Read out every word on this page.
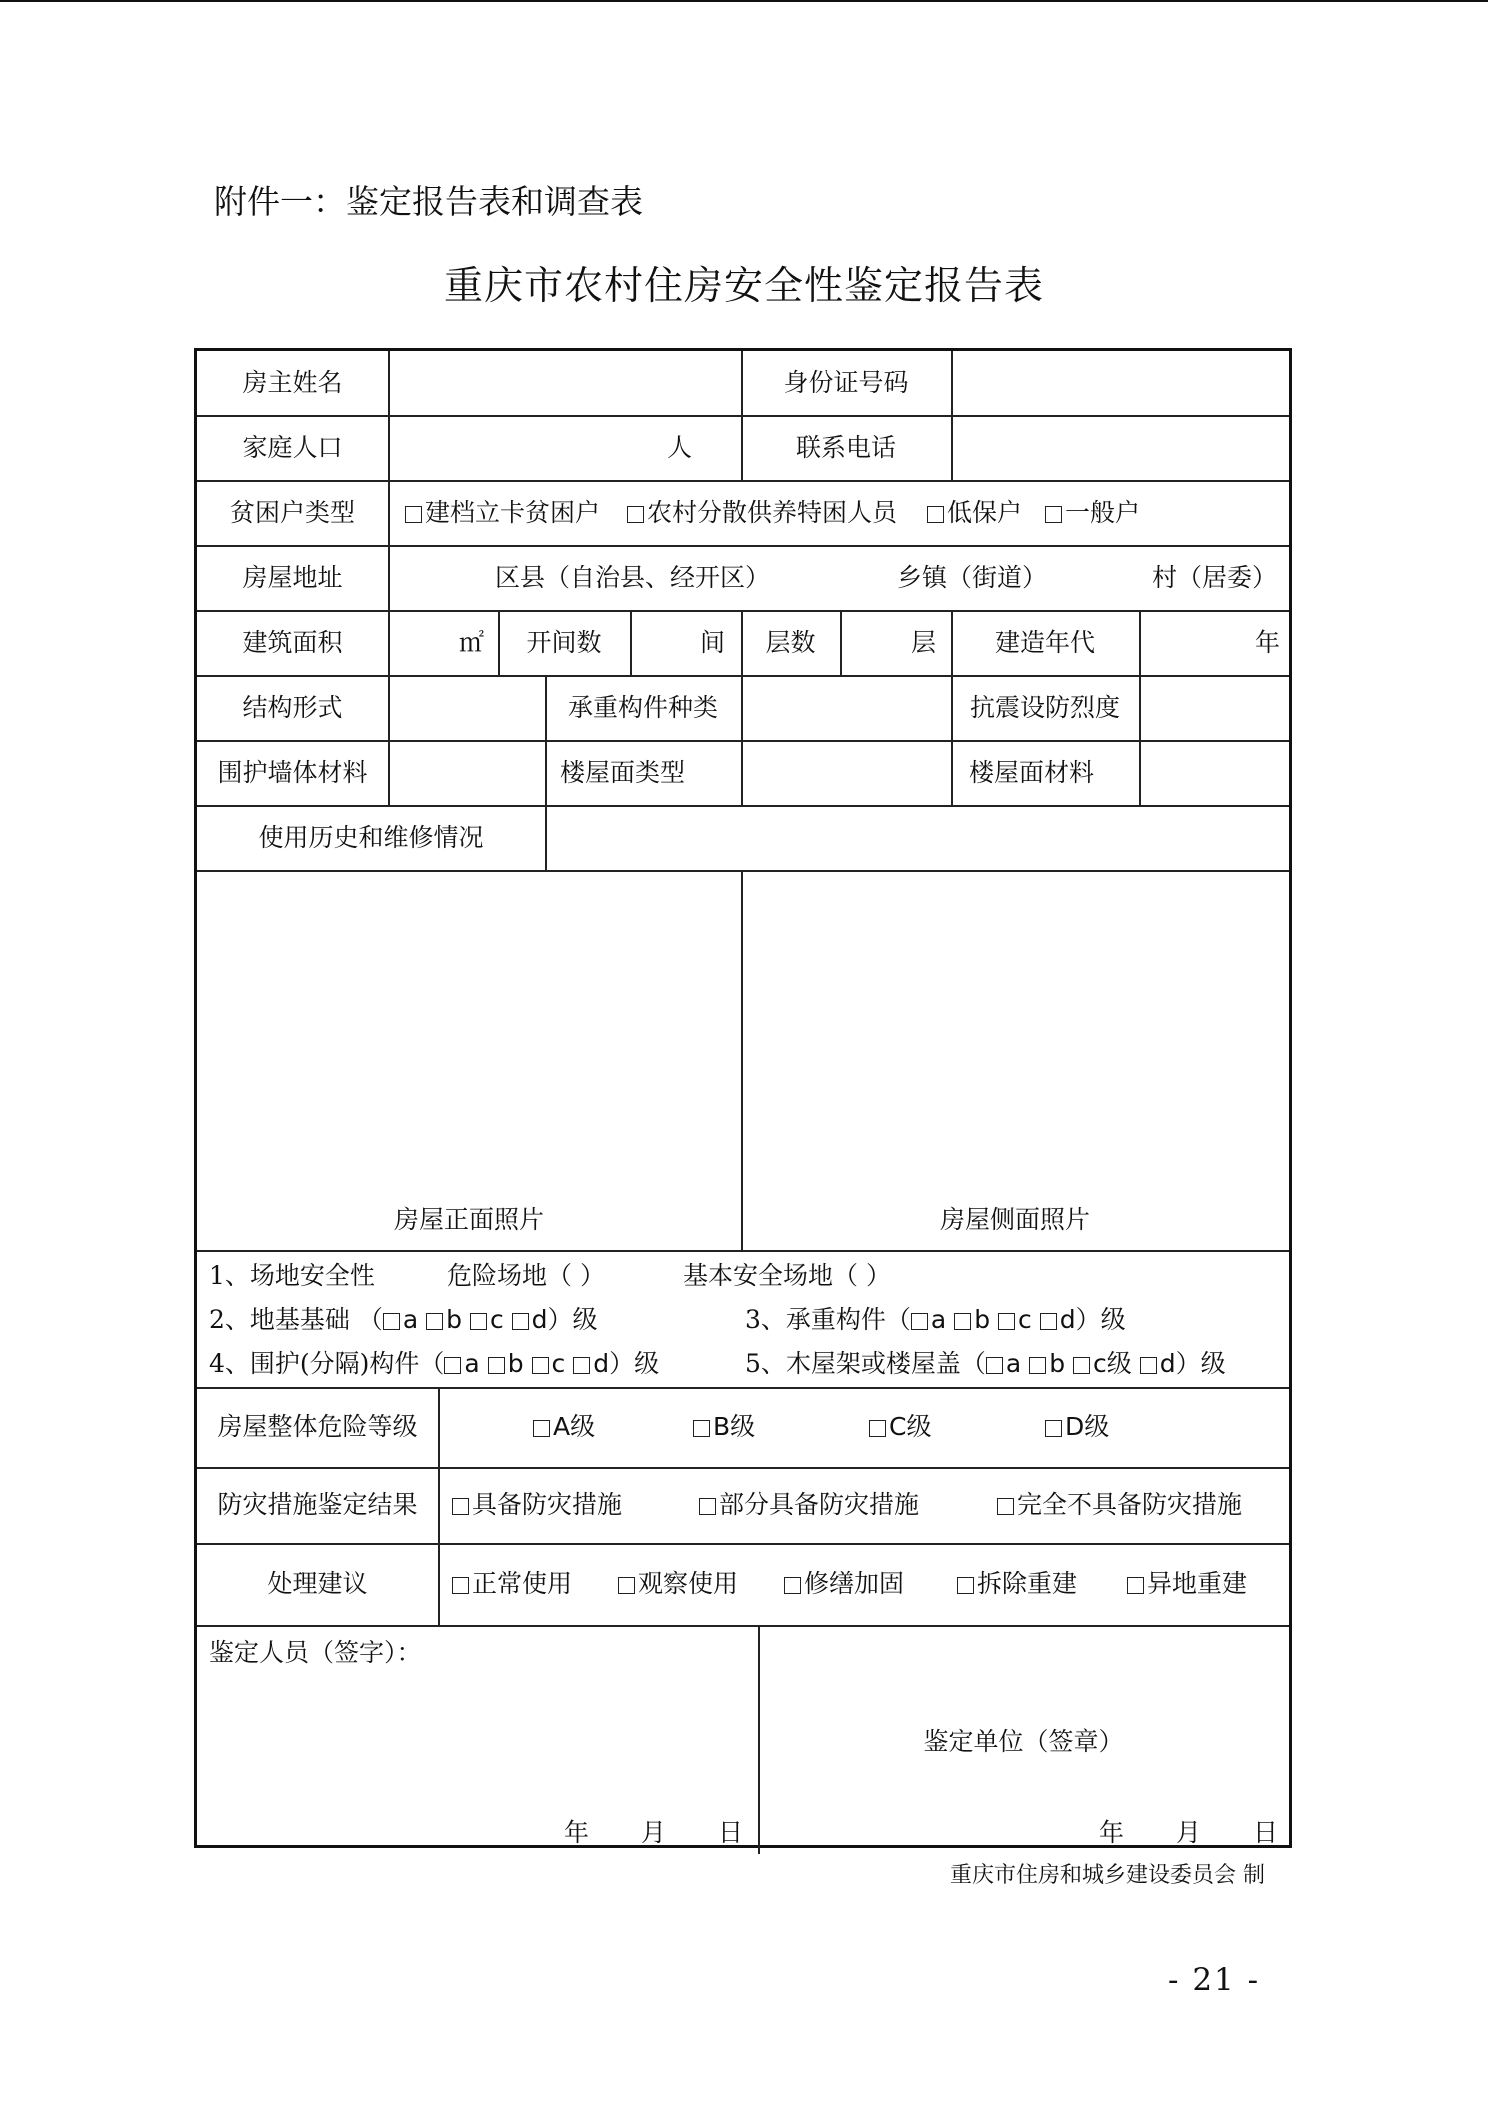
附件一：鉴定报告表和调查表
重庆市农村住房安全性鉴定报告表
房主姓名	身份证号码
家庭人口	人	联系电话
贫困户类型	建档立卡贫困户	农村分散供养特困人员	低保户	一般户
房屋地址	区县（自治县、经开区）	乡镇（街道）	村（居委）
建筑面积	㎡	开间数	间	层数	层	建造年代	年
结构形式	承重构件种类	抗震设防烈度
围护墙体材料	楼屋面类型	楼屋面材料
使用历史和维修情况
房屋正面照片	房屋侧面照片
1、场地安全性	危险场地（ ）	基本安全场地（ ）
2、地基基础 （ a b c d）级	3、承重构件（ a b c d）级
4、围护(分隔)构件（ a b c d）级	5、木屋架或楼屋盖（ a b c级 d）级
房屋整体危险等级	A级	B级	C级	D级
防灾措施鉴定结果	具备防灾措施	部分具备防灾措施	完全不具备防灾措施
处理建议	正常使用	观察使用	修缮加固	拆除重建	异地重建
鉴定人员（签字）：
年 月 日
鉴定单位（签章）
年 月 日
重庆市住房和城乡建设委员会 制
- 21 -
